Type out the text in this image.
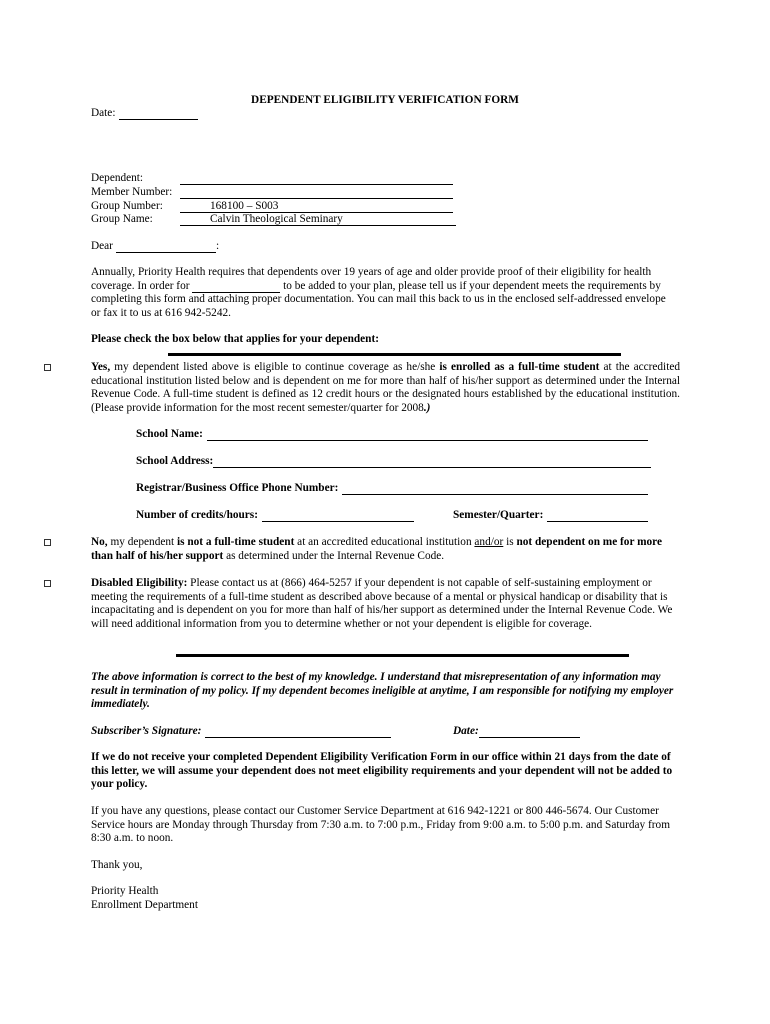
DEPENDENT ELIGIBILITY VERIFICATION FORM
Date:
Dependent:
Member Number:
Group Number:	168100 – S003
Group Name:	Calvin Theological Seminary
Dear	:
Annually, Priority Health requires that dependents over 19 years of age and older provide proof of their eligibility for health coverage. In order for	to be added to your plan, please tell us if your dependent meets the requirements by completing this form and attaching proper documentation. You can mail this back to us in the enclosed self-addressed envelope or fax it to us at 616 942-5242.
Please check the box below that applies for your dependent:
Yes, my dependent listed above is eligible to continue coverage as he/she is enrolled as a full-time student at the accredited educational institution listed below and is dependent on me for more than half of his/her support as determined under the Internal Revenue Code. A full-time student is defined as 12 credit hours or the designated hours established by the educational institution. (Please provide information for the most recent semester/quarter for 2008.)
School Name:
School Address:
Registrar/Business Office Phone Number:
Number of credits/hours:	Semester/Quarter:
No, my dependent is not a full-time student at an accredited educational institution and/or is not dependent on me for more than half of his/her support as determined under the Internal Revenue Code.
Disabled Eligibility: Please contact us at (866) 464-5257 if your dependent is not capable of self-sustaining employment or meeting the requirements of a full-time student as described above because of a mental or physical handicap or disability that is incapacitating and is dependent on you for more than half of his/her support as determined under the Internal Revenue Code. We will need additional information from you to determine whether or not your dependent is eligible for coverage.
The above information is correct to the best of my knowledge. I understand that misrepresentation of any information may result in termination of my policy. If my dependent becomes ineligible at anytime, I am responsible for notifying my employer immediately.
Subscriber’s Signature:	Date:
If we do not receive your completed Dependent Eligibility Verification Form in our office within 21 days from the date of this letter, we will assume your dependent does not meet eligibility requirements and your dependent will not be added to your policy.
If you have any questions, please contact our Customer Service Department at 616 942-1221 or 800 446-5674. Our Customer Service hours are Monday through Thursday from 7:30 a.m. to 7:00 p.m., Friday from 9:00 a.m. to 5:00 p.m. and Saturday from 8:30 a.m. to noon.
Thank you,
Priority Health
Enrollment Department
